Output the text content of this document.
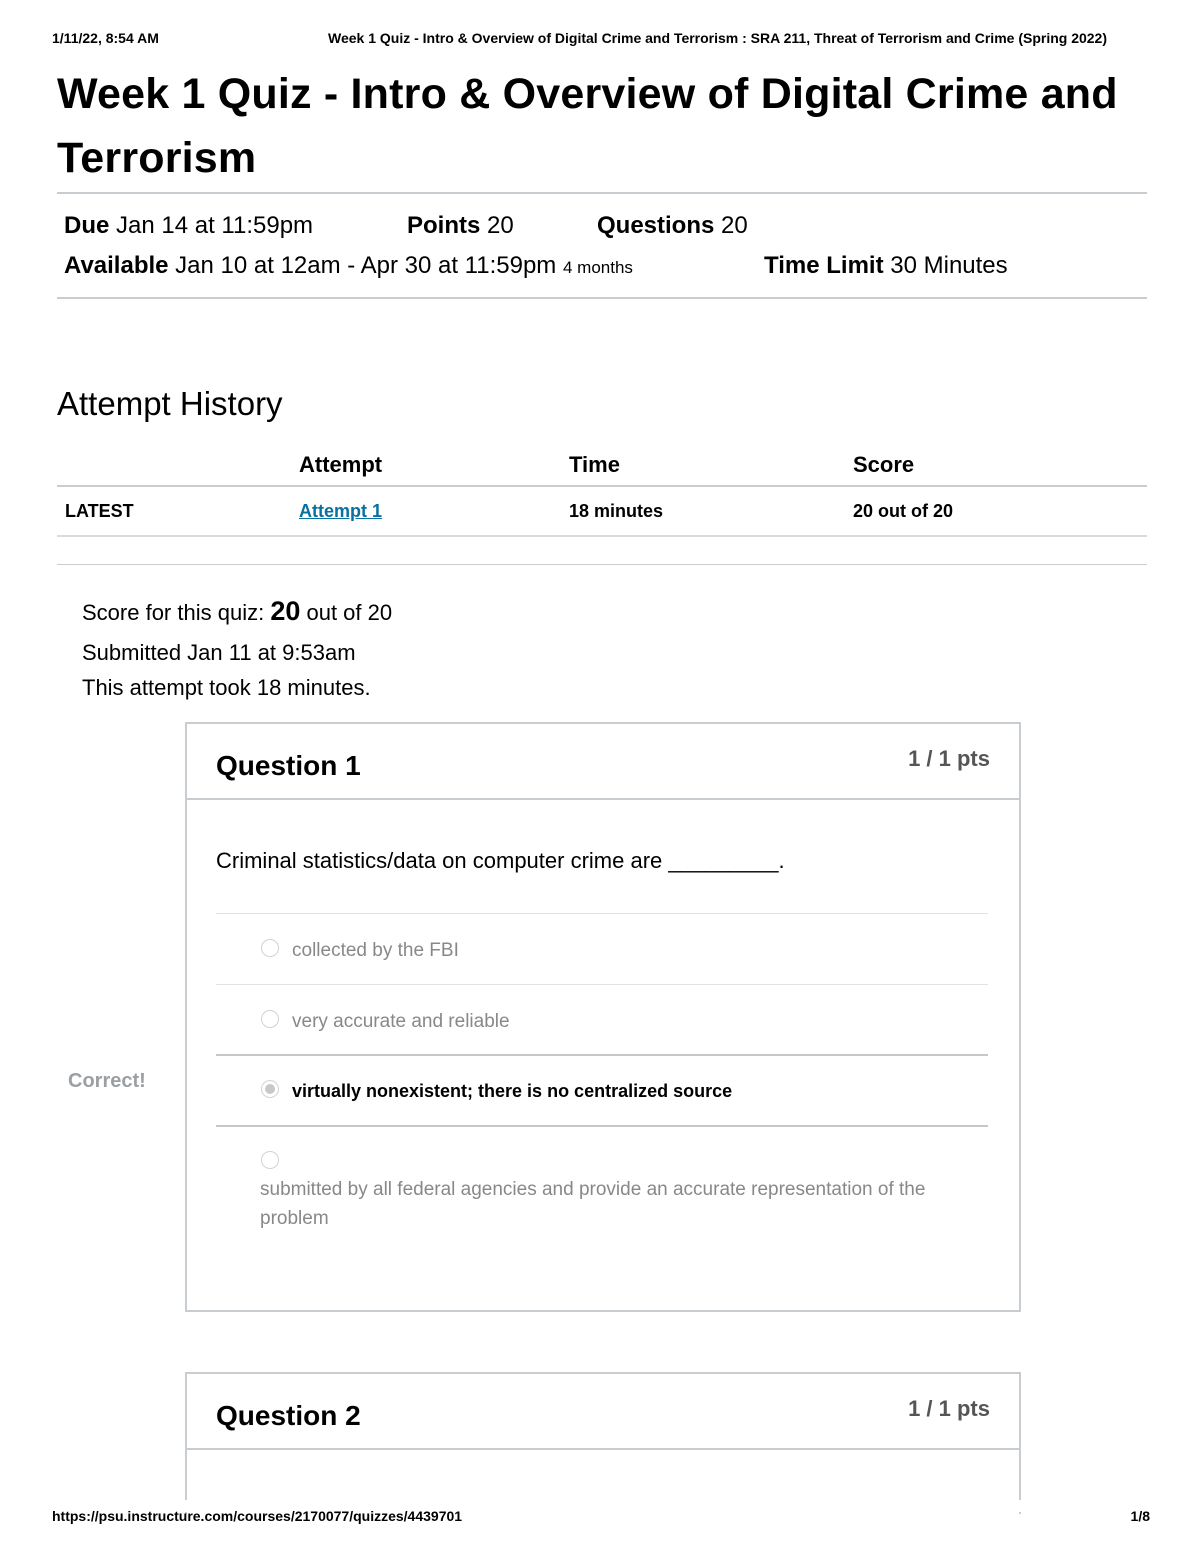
1/11/22, 8:54 AM	Week 1 Quiz - Intro & Overview of Digital Crime and Terrorism : SRA 211, Threat of Terrorism and Crime (Spring 2022)
Week 1 Quiz - Intro & Overview of Digital Crime and Terrorism
Due Jan 14 at 11:59pm	Points 20	Questions 20
Available Jan 10 at 12am - Apr 30 at 11:59pm 4 months	Time Limit 30 Minutes
Attempt History
	Attempt	Time	Score
LATEST	Attempt 1	18 minutes	20 out of 20
Score for this quiz: 20 out of 20
Submitted Jan 11 at 9:53am
This attempt took 18 minutes.
Correct!
Question 1	1 / 1 pts
Criminal statistics/data on computer crime are _________.
collected by the FBI
very accurate and reliable
virtually nonexistent; there is no centralized source
submitted by all federal agencies and provide an accurate representation of the problem
Question 2	1 / 1 pts
https://psu.instructure.com/courses/2170077/quizzes/4439701	1/8
